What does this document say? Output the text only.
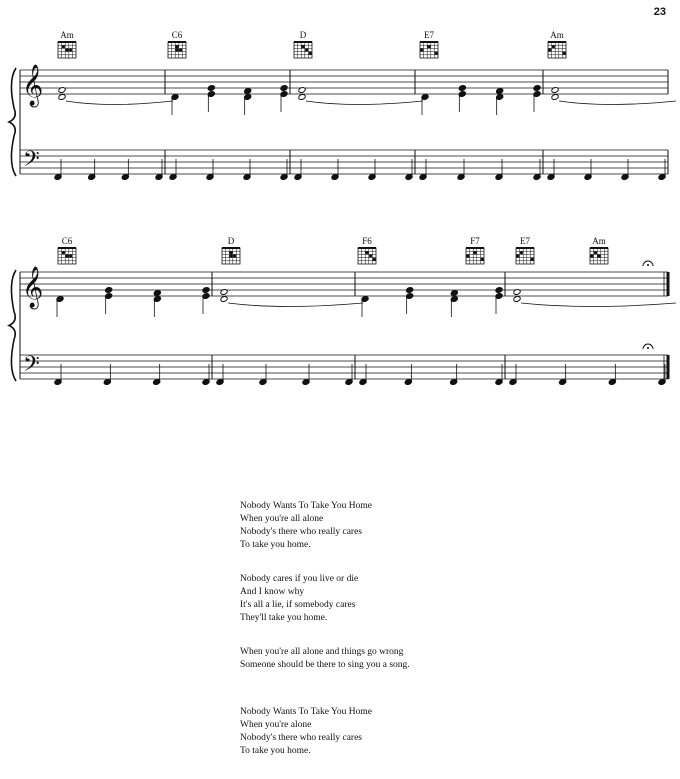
23
𝄞
𝄢
Am	C6	D	E7	Am
𝄞
𝄢
C6	D	F6	F7	E7	Am

Nobody Wants To Take You Home

When you're all alone

Nobody's there who really cares

To take you home.

Nobody cares if you live or die

And I know why

It's all a lie, if somebody cares

They'll take you home.

When you're all alone and things go wrong

Someone should be there to sing you a song.

Nobody Wants To Take You Home

When you're alone

Nobody's there who really cares

To take you home.
